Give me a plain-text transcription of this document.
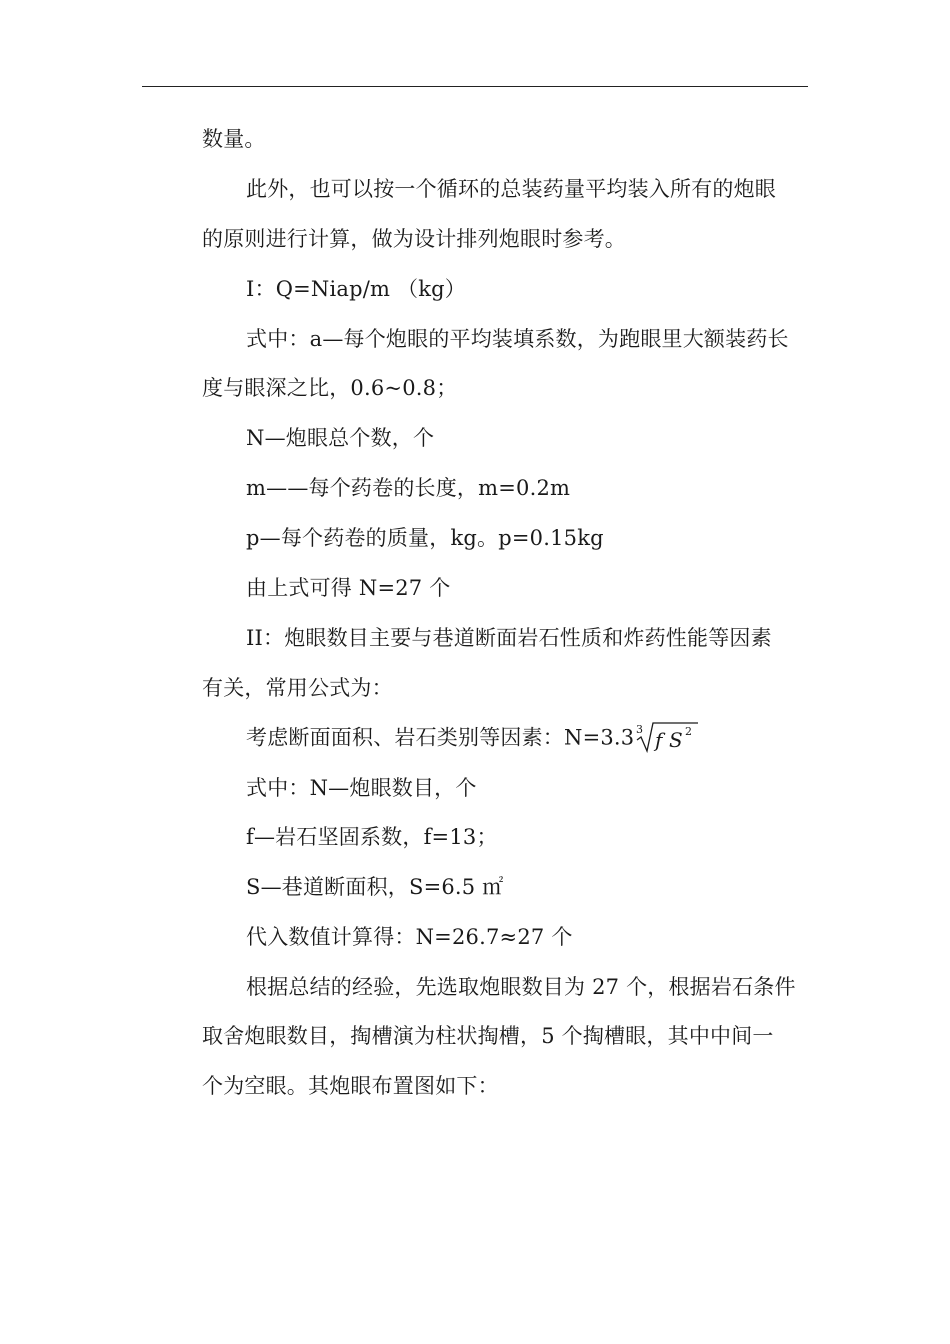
数量。
此外，也可以按一个循环的总装药量平均装入所有的炮眼
的原则进行计算，做为设计排列炮眼时参考。
I：Q=Niap/m （kg）
式中：a—每个炮眼的平均装填系数，为跑眼里大额装药长
度与眼深之比，0.6~0.8；
N—炮眼总个数，个
m——每个药卷的长度，m=0.2m
p—每个药卷的质量，kg。p=0.15kg
由上式可得 N=27 个
II：炮眼数目主要与巷道断面岩石性质和炸药性能等因素
有关，常用公式为：
考虑断面面积、岩石类别等因素：N=3.3 3 f S 2
式中：N—炮眼数目，个
f—岩石坚固系数，f=13；
S—巷道断面积，S=6.5 ㎡
代入数值计算得：N=26.7≈27 个
根据总结的经验，先选取炮眼数目为 27 个，根据岩石条件
取舍炮眼数目，掏槽演为柱状掏槽，5 个掏槽眼，其中中间一
个为空眼。其炮眼布置图如下：
